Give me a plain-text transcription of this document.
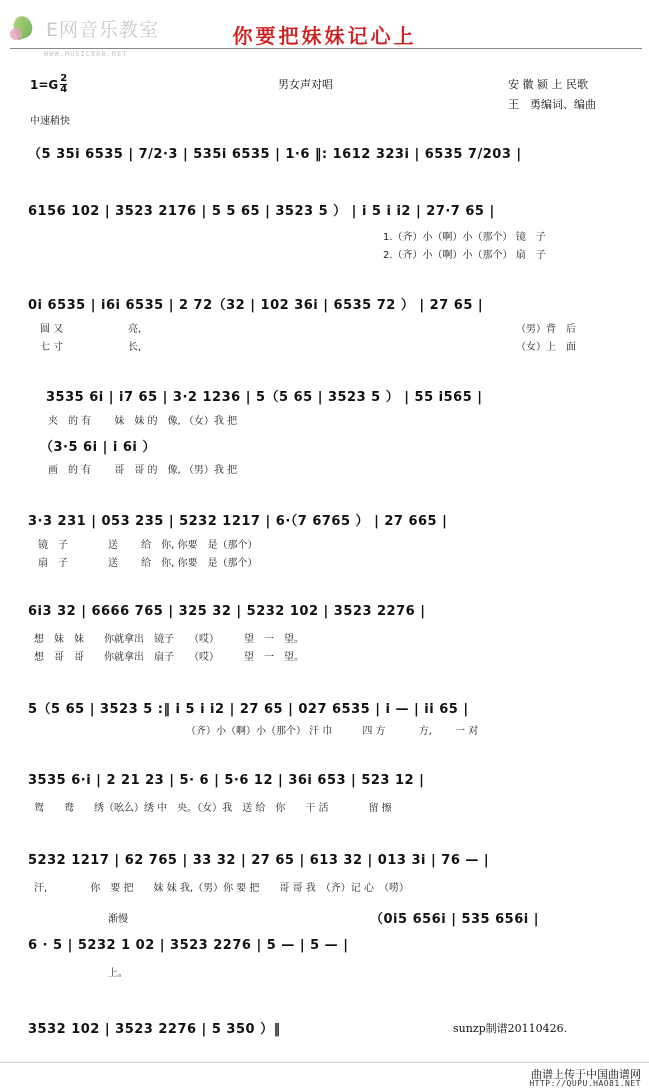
E网音乐教室
WWW.MUSIC888.NET
你要把妹妹记心上
$1=G \frac{2}{4}$	男女声对唱	安 徽 颍 上 民歌
王　勇编词、编曲
中速稍快
（5 35i 6535 | 7/2·3 | 535i 6535 | 1·6 ‖: 1612 323i | 6535 7/203 |
6156 102 | 3523 2176 | 5 5 65 | 3523 5 ） | i 5 i i2 | 27·7 65 |
1.（齐）小（啊）小（那个） 镜　子
2.（齐）小（啊）小（那个） 扇　子
0i 6535 | i6i 6535 | 2 72（32 | 102 36i | 6535 72 ） | 27 65 |
圆 又	亮,	（男）背　后
七 寸	长,	（女）上　面
3535 6i | i7 65 | 3·2 1236 | 5（5 65 | 3523 5 ） | 55 i565 |
夹　的 有　　 妹　妹 的　像, （女）我 把
（3·5 6i | i 6i ）
画　的 有　　 哥　哥 的　像, （男）我 把
3·3 231 | 053 235 | 5232 1217 | 6·（7 6765 ） | 27 665 |
镜　子　　　　送　　 给　你, 你要　是（那个）
扇　子　　　　送　　 给　你, 你要　是（那个）
6i3 32 | 6666 765 | 325 32 | 5232 102 | 3523 2276 |
想　妹　妹　　你就拿出　镜子　　（哎）　　　望　一　望。
想　哥　哥　　你就拿出　扇子　　（哎）　　　望　一　望。
5（5 65 | 3523 5 :‖ i 5 i i2 | 27 65 | 027 6535 | i — | ii 65 |
（齐）小（啊）小（那个） 汗 巾　　　四 方　　　 方,　　 一 对
3535 6·i | 2 21 23 | 5· 6 | 5·6 12 | 36i 653 | 523 12 |
鸳　　鸯　　绣（吆么）绣 中　央。（女）我　送 给　你　　干 活　　　　留 擦
5232 1217 | 62 765 | 33 32 | 27 65 | 613 32 | 013 3i | 76 — |
汗,　　　　 你　要 把　　妹 妹 我,（男）你 要 把　　哥 哥 我　（齐）记 心　（唠）
渐慢	（0i5 656i | 535 656i |
6 · 5 | 5232 1 02 | 3523 2276 | 5 — | 5 — |
上。
3532 102 | 3523 2276 | 5 350 ）‖	sunzp制谱20110426.
曲谱上传于中国曲谱网
HTTP://QUPU.HAO81.NET
